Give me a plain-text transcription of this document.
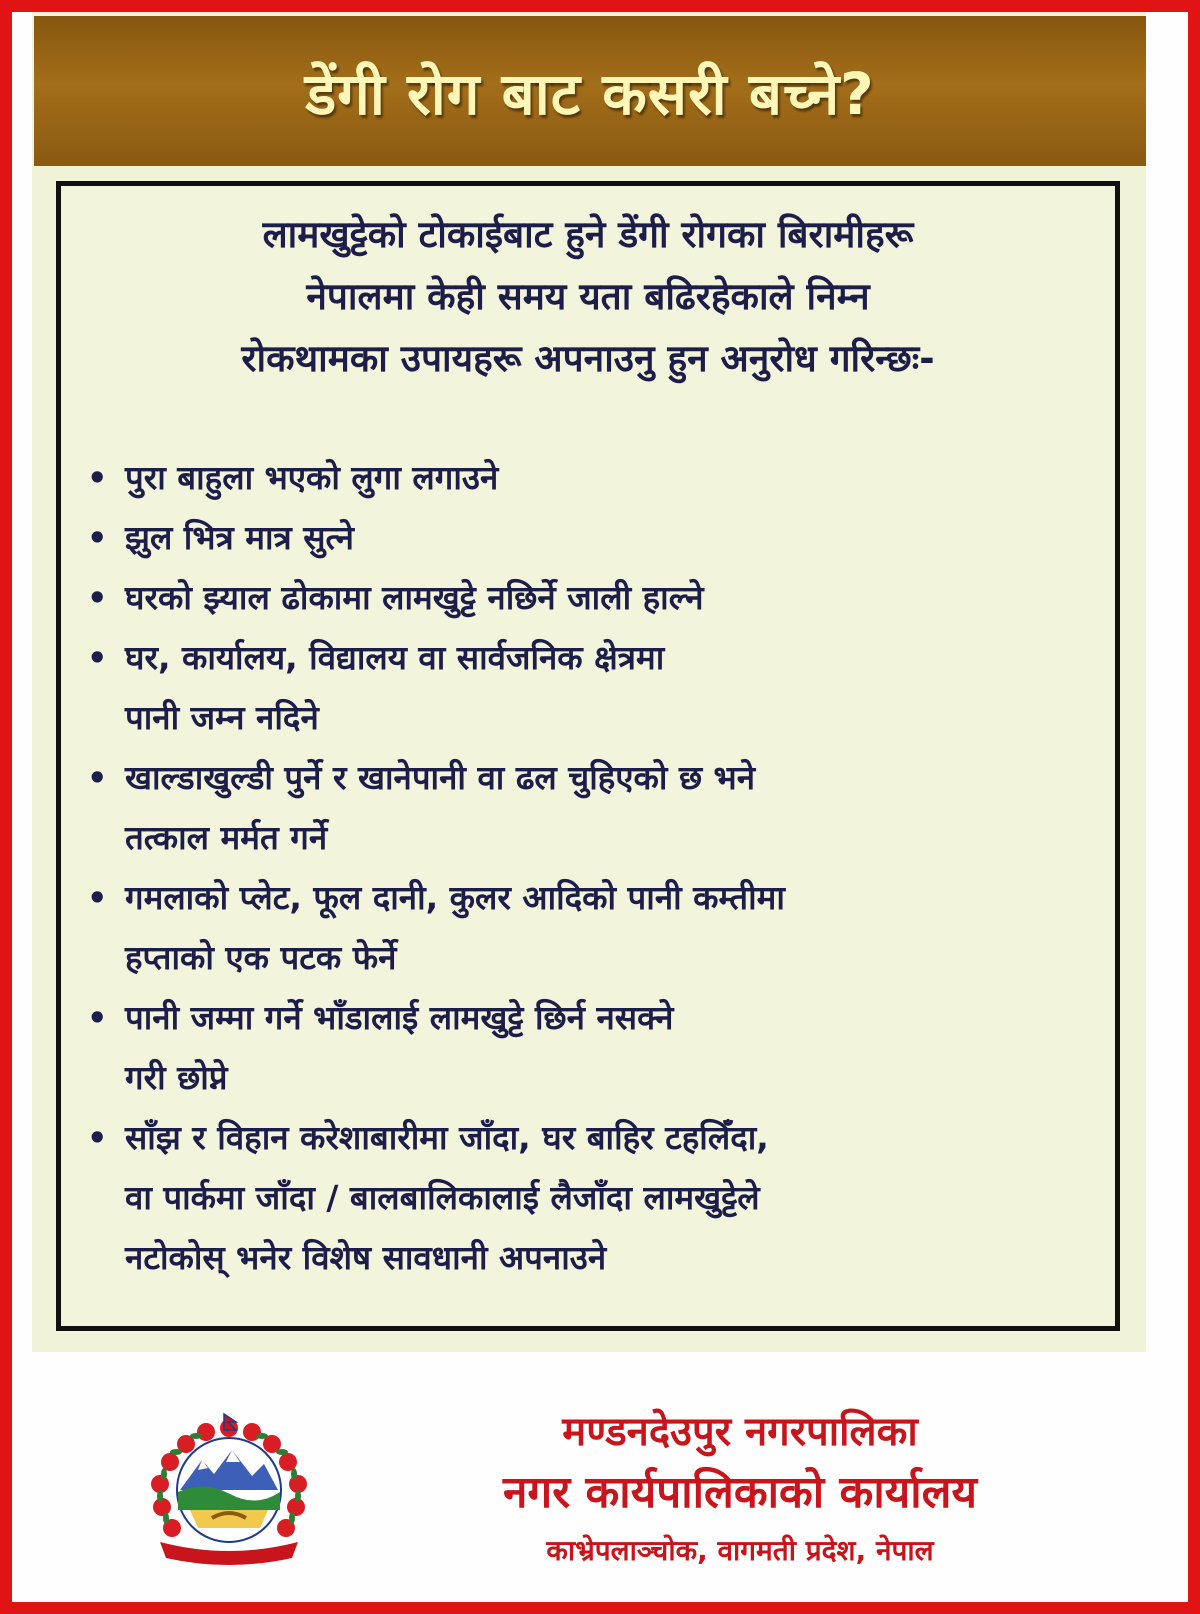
डेंगी रोग बाट कसरी बच्ने?
लामखुट्टेको टोकाईबाट हुने डेंगी रोगका बिरामीहरू
नेपालमा केही समय यता बढिरहेकाले निम्न
रोकथामका उपायहरू अपनाउनु हुन अनुरोध गरिन्छः-
• पुरा बाहुला भएको लुगा लगाउने
• झुल भित्र मात्र सुत्ने
• घरको झ्याल ढोकामा लामखुट्टे नछिर्ने जाली हाल्ने
• घर, कार्यालय, विद्यालय वा सार्वजनिक क्षेत्रमा
पानी जम्न नदिने
• खाल्डाखुल्डी पुर्ने र खानेपानी वा ढल चुहिएको छ भने
तत्काल मर्मत गर्ने
• गमलाको प्लेट, फूल दानी, कुलर आदिको पानी कम्तीमा
हप्ताको एक पटक फेर्ने
• पानी जम्मा गर्ने भाँडालाई लामखुट्टे छिर्न नसक्ने
गरी छोप्ने
• साँझ र विहान करेशाबारीमा जाँदा, घर बाहिर टहलिँदा,
वा पार्कमा जाँदा / बालबालिकालाई लैजाँदा लामखुट्टेले
नटोकोस् भनेर विशेष सावधानी अपनाउने
मण्डनदेउपुर नगरपालिका
नगर कार्यपालिकाको कार्यालय
काभ्रेपलाञ्चोक, वागमती प्रदेश, नेपाल
